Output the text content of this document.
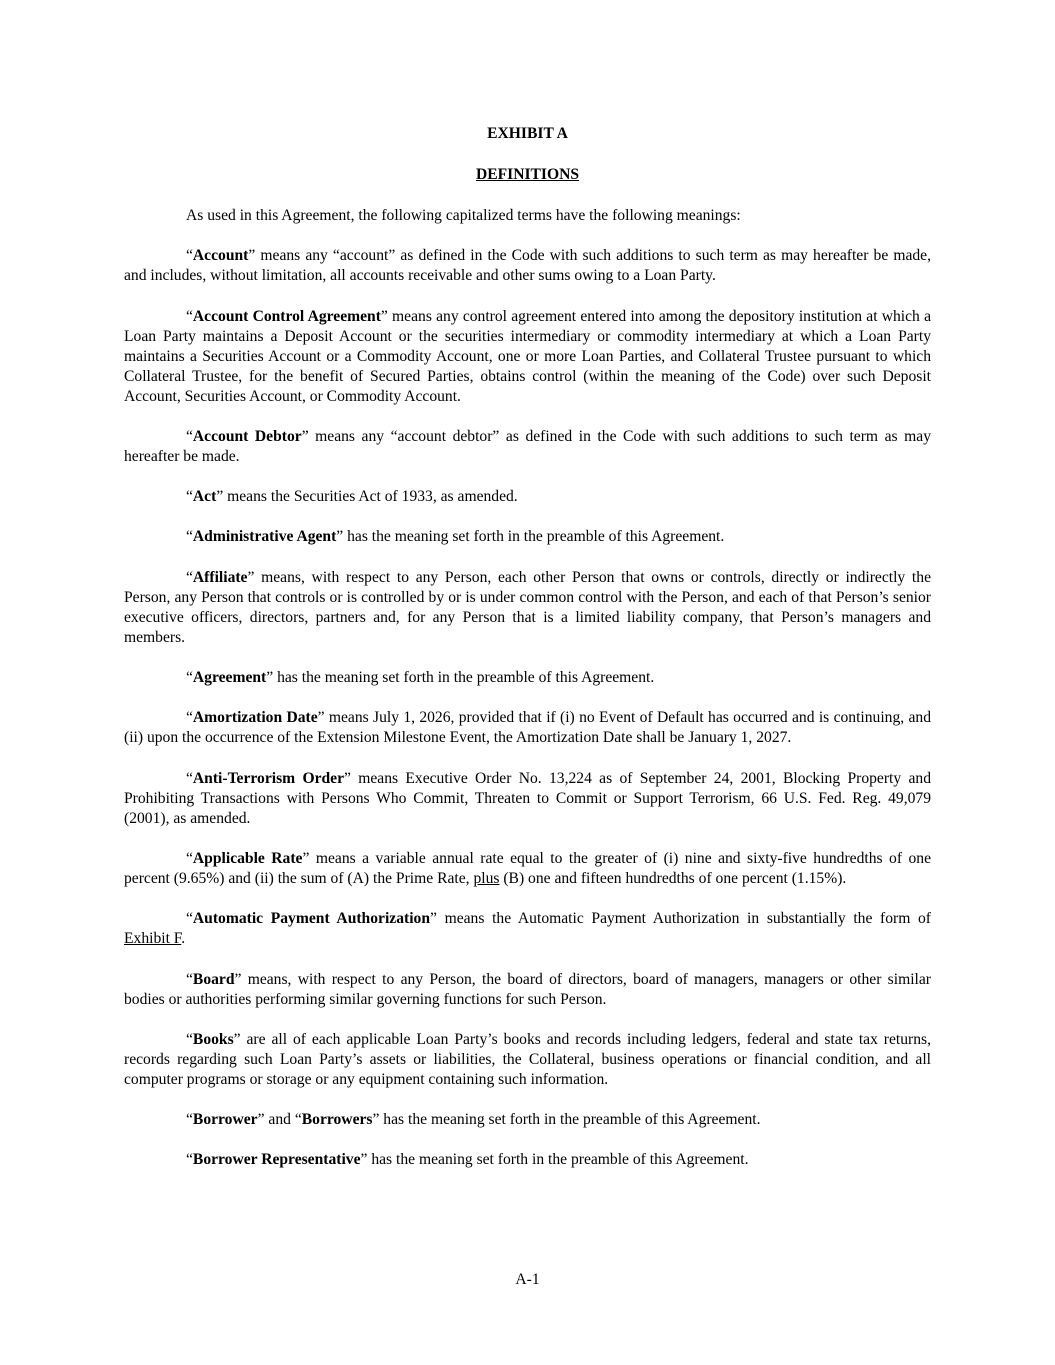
EXHIBIT A
DEFINITIONS

As used in this Agreement, the following capitalized terms have the following meanings:

“Account” means any “account” as defined in the Code with such additions to such term as may hereafter be made, and includes, without limitation, all accounts receivable and other sums owing to a Loan Party.

“Account Control Agreement” means any control agreement entered into among the depository institution at which a Loan Party maintains a Deposit Account or the securities intermediary or commodity intermediary at which a Loan Party maintains a Securities Account or a Commodity Account, one or more Loan Parties, and Collateral Trustee pursuant to which Collateral Trustee, for the benefit of Secured Parties, obtains control (within the meaning of the Code) over such Deposit Account, Securities Account, or Commodity Account.

“Account Debtor” means any “account debtor” as defined in the Code with such additions to such term as may hereafter be made.

“Act” means the Securities Act of 1933, as amended.

“Administrative Agent” has the meaning set forth in the preamble of this Agreement.

“Affiliate” means, with respect to any Person, each other Person that owns or controls, directly or indirectly the Person, any Person that controls or is controlled by or is under common control with the Person, and each of that Person’s senior executive officers, directors, partners and, for any Person that is a limited liability company, that Person’s managers and members.

“Agreement” has the meaning set forth in the preamble of this Agreement.

“Amortization Date” means July 1, 2026, provided that if (i) no Event of Default has occurred and is continuing, and (ii) upon the occurrence of the Extension Milestone Event, the Amortization Date shall be January 1, 2027.

“Anti-Terrorism Order” means Executive Order No. 13,224 as of September 24, 2001, Blocking Property and Prohibiting Transactions with Persons Who Commit, Threaten to Commit or Support Terrorism, 66 U.S. Fed. Reg. 49,079 (2001), as amended.

“Applicable Rate” means a variable annual rate equal to the greater of (i) nine and sixty-five hundredths of one percent (9.65%) and (ii) the sum of (A) the Prime Rate, plus (B) one and fifteen hundredths of one percent (1.15%).

“Automatic Payment Authorization” means the Automatic Payment Authorization in substantially the form of Exhibit F.

“Board” means, with respect to any Person, the board of directors, board of managers, managers or other similar bodies or authorities performing similar governing functions for such Person.

“Books” are all of each applicable Loan Party’s books and records including ledgers, federal and state tax returns, records regarding such Loan Party’s assets or liabilities, the Collateral, business operations or financial condition, and all computer programs or storage or any equipment containing such information.

“Borrower” and “Borrowers” has the meaning set forth in the preamble of this Agreement.

“Borrower Representative” has the meaning set forth in the preamble of this Agreement.

A-1
